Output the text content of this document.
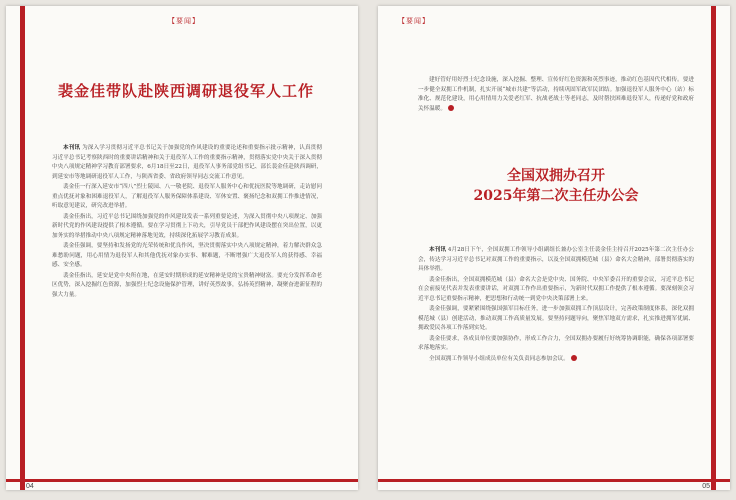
【要闻】
裴金佳带队赴陕西调研退役军人工作

本刊讯 为深入学习贯彻习近平总书记关于加强党的作风建设的重要论述和重要指示批示精神，认真贯彻习近平总书记考察陕西时的重要讲话精神和关于退役军人工作的重要指示精神，贯彻落实党中央关于深入贯彻中央八项规定精神学习教育部署要求，6月18日至22日，退役军人事务部党组书记、部长裴金佳赴陕西调研，到延安市等地调研退役军人工作，与陕西省委、省政府领导同志交流工作意见。

裴金佳一行深入延安市“四八”烈士陵园、八一敬老院、退役军人服务中心和优抚医院等地调研，走访慰问重点优抚对象和困难退役军人，了解退役军人服务保障体系建设、军休安置、褒扬纪念和双拥工作推进情况，听取意见建议，研究改进举措。

裴金佳指出，习近平总书记围绕加强党的作风建设发表一系列重要论述，为深入贯彻中央八项规定、加强新时代党的作风建设提供了根本遵循。要在学习贯彻上下功夫，引导党员干部把作风建设摆在突出位置，以更加务实的举措推动中央八项规定精神落地见效，持续深化拓展学习教育成果。

裴金佳强调，要坚持和发扬党的光荣传统和优良作风，坚决贯彻落实中央八项规定精神，着力解决群众急难愁盼问题，用心用情为退役军人和其他优抚对象办实事、解难题，不断增强广大退役军人的获得感、幸福感、安全感。

裴金佳指出，延安是党中央所在地，在延安时期形成的延安精神是党的宝贵精神财富。要充分发挥革命老区优势，深入挖掘红色资源，加强烈士纪念设施保护管理，讲好英烈故事，弘扬英烈精神，凝聚奋进新征程的强大力量。

04
【要闻】

建好管好用好烈士纪念设施，深入挖掘、整理、宣传好红色资源和英烈事迹，推动红色基因代代相传。要进一步健全双拥工作机制，扎实开展“城市共建”等活动，持续巩固军政军民团结。加强退役军人服务中心（站）标准化、规范化建设，用心用情用力关爱老红军、抗战老战士等老同志，及时帮扶困难退役军人，传递好党和政府关怀温暖。

全国双拥办召开
2025年第二次主任办公会

本刊讯 4月28日下午，全国双拥工作领导小组副组长兼办公室主任裴金佳主持召开2025年第二次主任办公会，传达学习习近平总书记对双拥工作的重要指示，以及全国双拥模范城（县）命名大会精神，部署贯彻落实的具体举措。

裴金佳指出，全国双拥模范城（县）命名大会是党中央、国务院、中央军委召开的重要会议，习近平总书记在会前接见代表并发表重要讲话，对双拥工作作出重要指示，为新时代双拥工作提供了根本遵循。要深刻领会习近平总书记重要指示精神，把思想和行动统一到党中央决策部署上来。

裴金佳强调，要紧紧围绕强国强军目标任务，进一步加强双拥工作顶层设计，完善政策制度体系，深化双拥模范城（县）创建活动，推动双拥工作高质量发展。要坚持问题导向，聚焦军地双方需求，扎实推进拥军优属、拥政爱民各项工作落到实处。

裴金佳要求，各成员单位要加强协作，形成工作合力，全国双拥办要履行好统筹协调职能，确保各项部署要求落地落实。

全国双拥工作领导小组成员单位有关负责同志参加会议。

05
